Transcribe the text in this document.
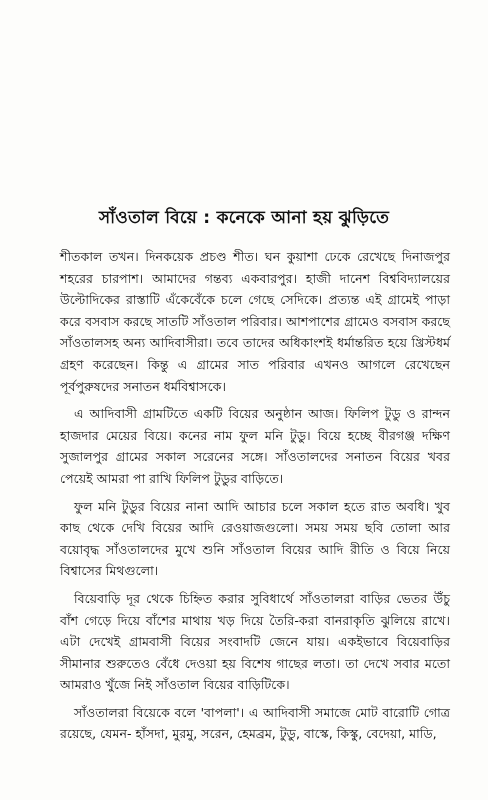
সাঁওতাল বিয়ে : কনেকে আনা হয় ঝুড়িতে

শীতকাল তখন। দিনকয়েক প্রচণ্ড শীত। ঘন কুয়াশা ঢেকে রেখেছে দিনাজপুর শহরের চারপাশ। আমাদের গন্তব্য একবারপুর। হাজী দানেশ বিশ্ববিদ্যালয়ের উল্টোদিকের রাস্তাটি এঁকেবেঁকে চলে গেছে সেদিকে। প্রত্যন্ত এই গ্রামেই পাড়া করে বসবাস করছে সাতটি সাঁওতাল পরিবার। আশপাশের গ্রামেও বসবাস করছে সাঁওতালসহ অন্য আদিবাসীরা। তবে তাদের অধিকাংশই ধর্মান্তরিত হয়ে খ্রিস্টধর্ম গ্রহণ করেছেন। কিন্তু এ গ্রামের সাত পরিবার এখনও আগলে রেখেছেন পূর্বপুরুষদের সনাতন ধর্মবিশ্বাসকে।

এ আদিবাসী গ্রামটিতে একটি বিয়ের অনুষ্ঠান আজ। ফিলিপ টুডু ও রান্দন হাজদার মেয়ের বিয়ে। কনের নাম ফুল মনি টুডু। বিয়ে হচ্ছে বীরগঞ্জ দক্ষিণ সুজালপুর গ্রামের সকাল সরেনের সঙ্গে। সাঁওতালদের সনাতন বিয়ের খবর পেয়েই আমরা পা রাখি ফিলিপ টুডুর বাড়িতে।

ফুল মনি টুডুর বিয়ের নানা আদি আচার চলে সকাল হতে রাত অবধি। খুব কাছ থেকে দেখি বিয়ের আদি রেওয়াজগুলো। সময় সময় ছবি তোলা আর বয়োবৃদ্ধ সাঁওতালদের মুখে শুনি সাঁওতাল বিয়ের আদি রীতি ও বিয়ে নিয়ে বিশ্বাসের মিথগুলো।

বিয়েবাড়ি দূর থেকে চিহ্নিত করার সুবিধার্থে সাঁওতালরা বাড়ির ভেতর উঁচু বাঁশ গেড়ে দিয়ে বাঁশের মাথায় খড় দিয়ে তৈরি-করা বানরাকৃতি ঝুলিয়ে রাখে। এটা দেখেই গ্রামবাসী বিয়ের সংবাদটি জেনে যায়। একইভাবে বিয়েবাড়ির সীমানার শুরুতেও বেঁধে দেওয়া হয় বিশেষ গাছের লতা। তা দেখে সবার মতো আমরাও খুঁজে নিই সাঁওতাল বিয়ের বাড়িটিকে।

সাঁওতালরা বিয়েকে বলে 'বাপলা'। এ আদিবাসী সমাজে মোট বারোটি গোত্র রয়েছে, যেমন- হাঁসদা, মুরমু, সরেন, হেমব্রম, টুডু, বাস্কে, কিস্কু, বেদেয়া, মাডি,
